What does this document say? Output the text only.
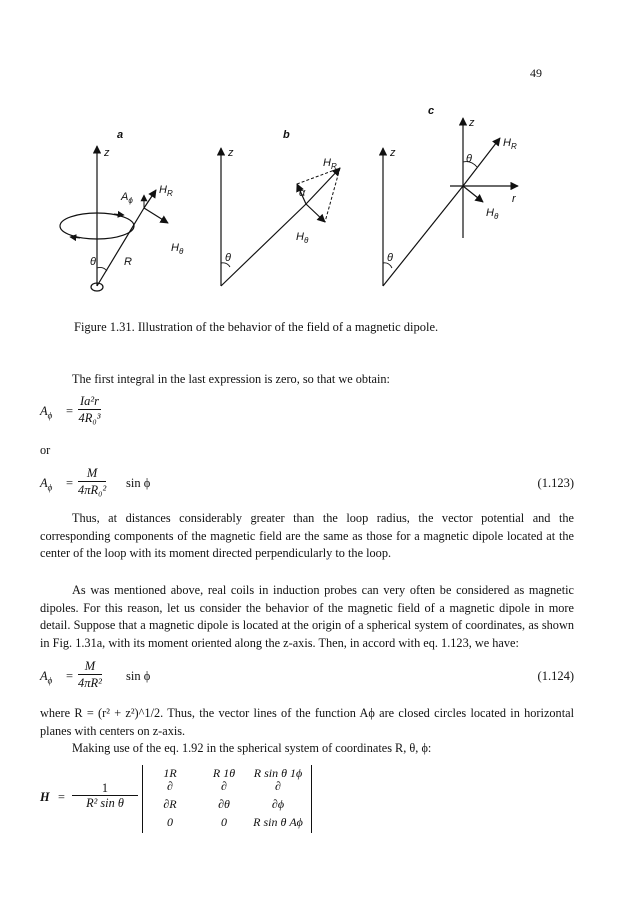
49
a
z
$A_\phi$
$H_R$
$H_\theta$
θ	R
b
z
$H_R$
α
$H_\theta$
θ
c
z
z
r
$H_R$
$H_\theta$
θ
θ
Figure 1.31. Illustration of the behavior of the field of a magnetic dipole.
The first integral in the last expression is zero, so that we obtain:
$A_\phi = \frac{\text{Ia²r}}{\text{4R₀³}}$
or
$A_\phi = \frac{M}{\text{4πR₀²}}$ sin ϕ	(1.123)
Thus, at distances considerably greater than the loop radius, the vector potential and the corresponding components of the magnetic field are the same as those for a magnetic dipole located at the center of the loop with its moment directed perpendicularly to the loop.
As was mentioned above, real coils in induction probes can very often be considered as magnetic dipoles. For this reason, let us consider the behavior of the magnetic field of a magnetic dipole in more detail. Suppose that a magnetic dipole is located at the origin of a spherical system of coordinates, as shown in Fig. 1.31a, with its moment oriented along the z-axis. Then, in accord with eq. 1.123, we have:
$A_\phi = \frac{M}{\text{4πR²}}$ sin ϕ	(1.124)
where R = (r² + z²)^1/2. Thus, the vector lines of the function Aϕ are closed circles located in horizontal planes with centers on z-axis.
Making use of the eq. 1.92 in the spherical system of coordinates R, θ, ϕ:
$H = \frac{1}{\text{R² sin θ}}$
1R	R 1θ	R sin θ 1ϕ
∂	∂	∂
∂R	∂θ	∂ϕ
0	0	R sin θ Aϕ
